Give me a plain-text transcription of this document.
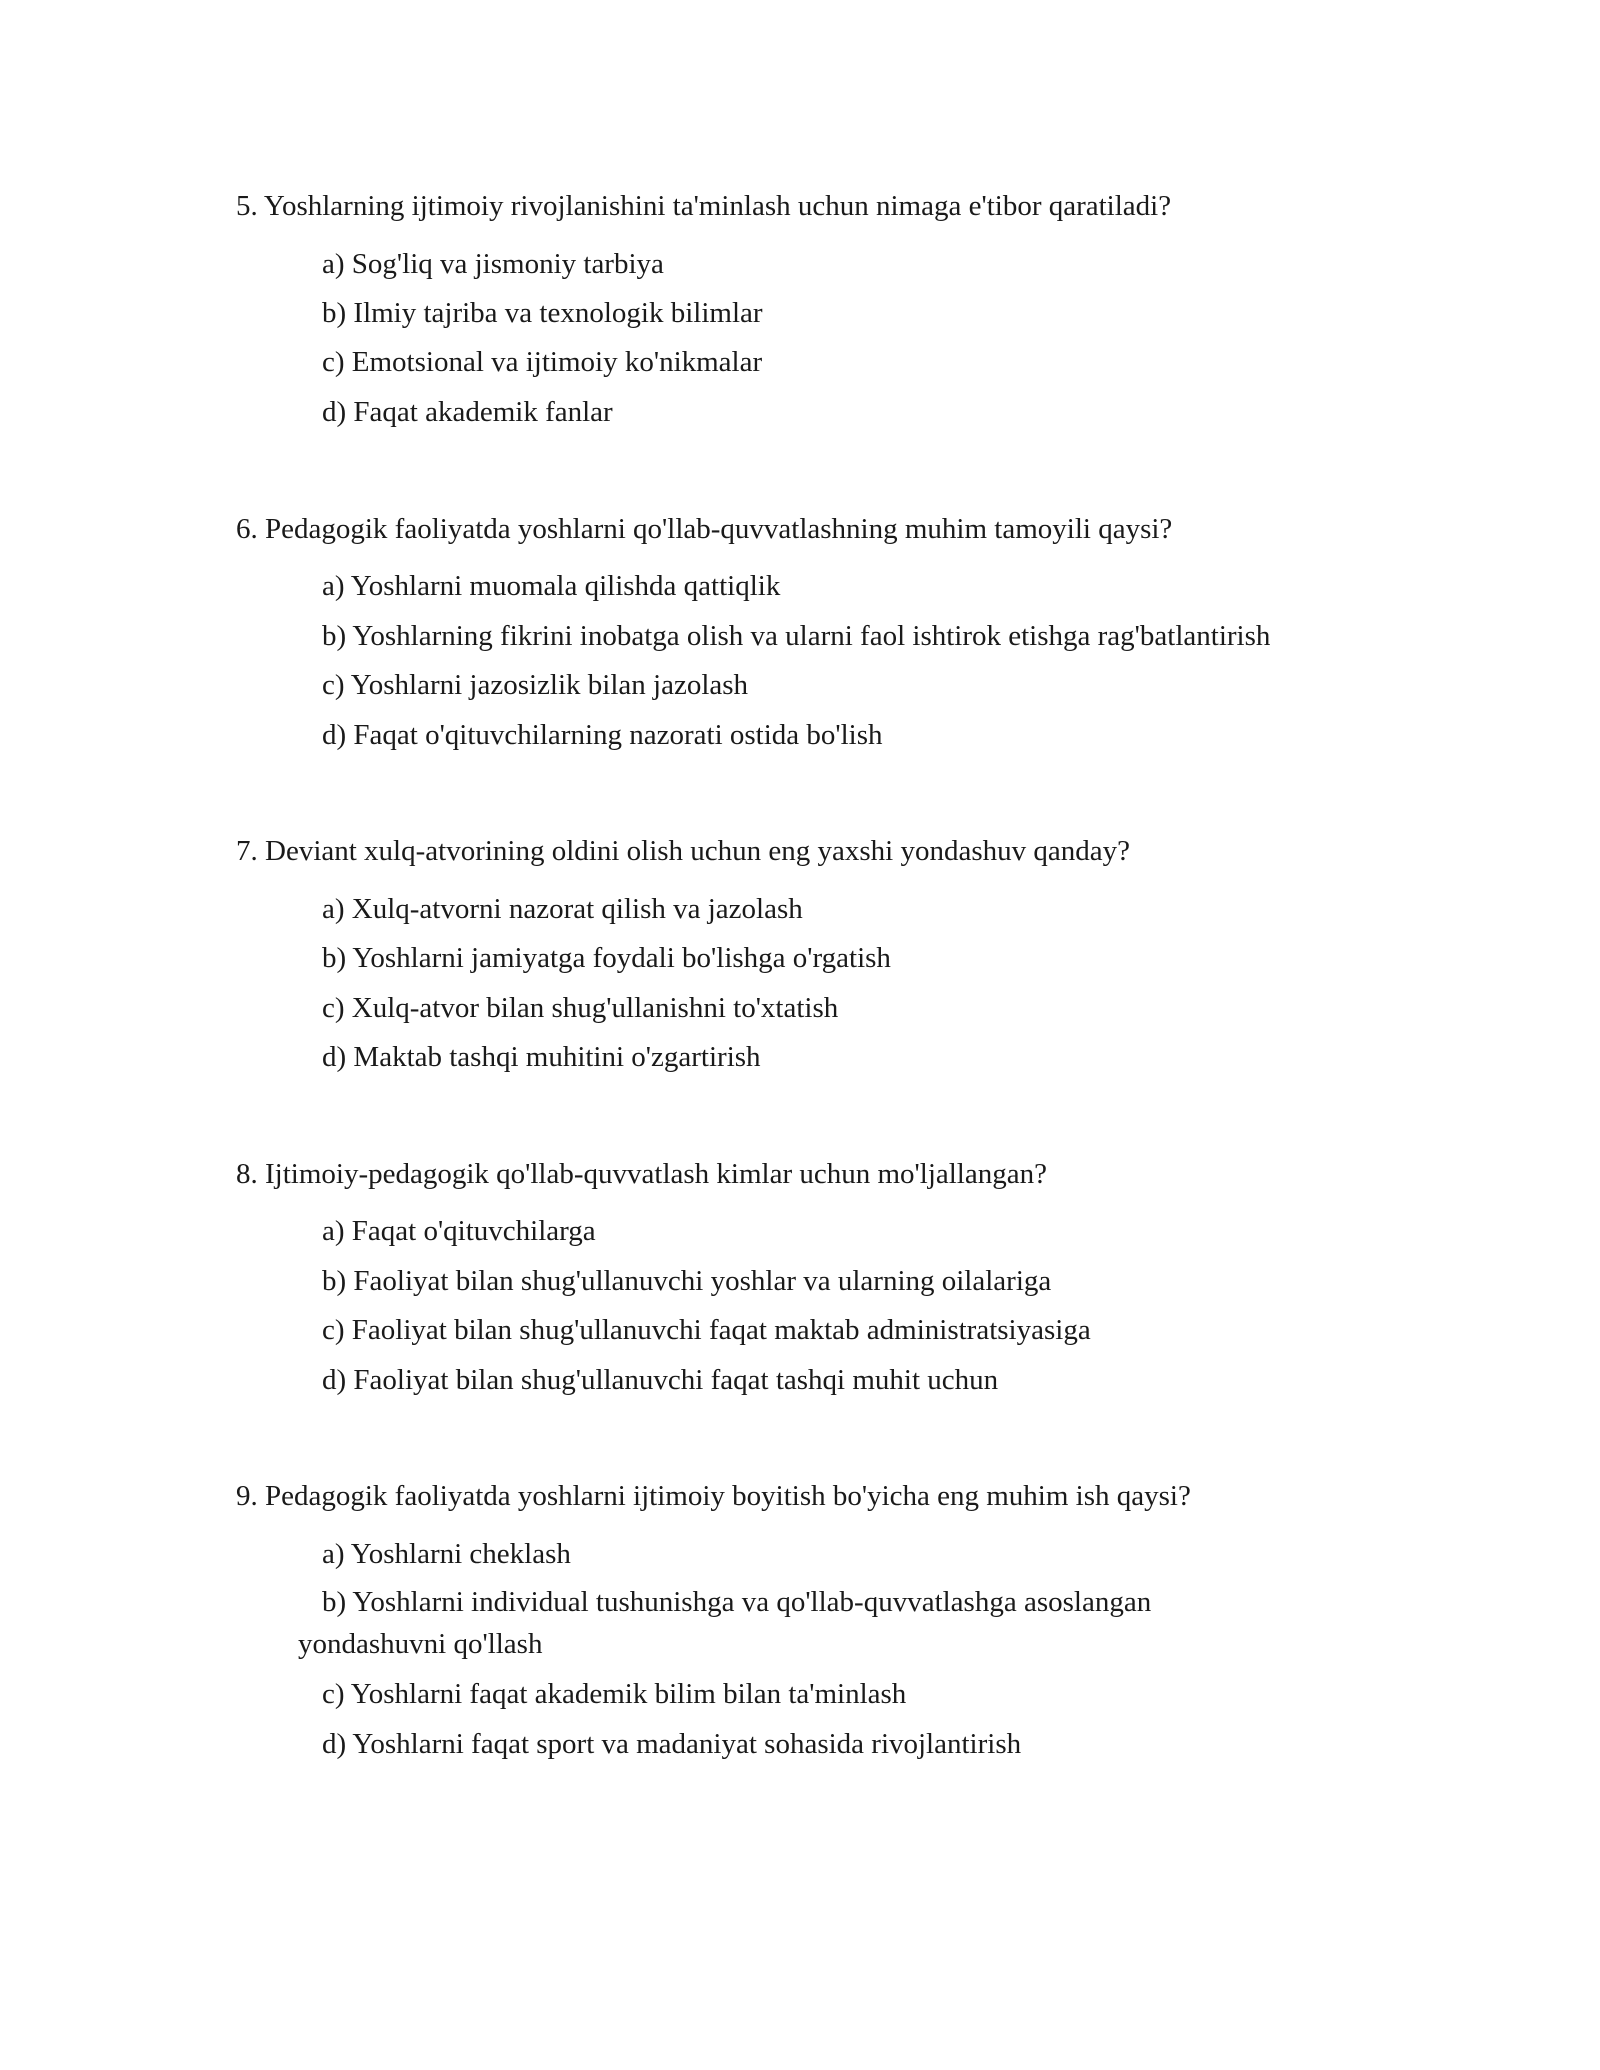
5. Yoshlarning ijtimoiy rivojlanishini ta'minlash uchun nimaga e'tibor qaratiladi?
a) Sog'liq va jismoniy tarbiya
b) Ilmiy tajriba va texnologik bilimlar
c) Emotsional va ijtimoiy ko'nikmalar
d) Faqat akademik fanlar
6. Pedagogik faoliyatda yoshlarni qo'llab-quvvatlashning muhim tamoyili qaysi?
a) Yoshlarni muomala qilishda qattiqlik
b) Yoshlarning fikrini inobatga olish va ularni faol ishtirok etishga rag'batlantirish
c) Yoshlarni jazosizlik bilan jazolash
d) Faqat o'qituvchilarning nazorati ostida bo'lish
7. Deviant xulq-atvorining oldini olish uchun eng yaxshi yondashuv qanday?
a) Xulq-atvorni nazorat qilish va jazolash
b) Yoshlarni jamiyatga foydali bo'lishga o'rgatish
c) Xulq-atvor bilan shug'ullanishni to'xtatish
d) Maktab tashqi muhitini o'zgartirish
8. Ijtimoiy-pedagogik qo'llab-quvvatlash kimlar uchun mo'ljallangan?
a) Faqat o'qituvchilarga
b) Faoliyat bilan shug'ullanuvchi yoshlar va ularning oilalariga
c) Faoliyat bilan shug'ullanuvchi faqat maktab administratsiyasiga
d) Faoliyat bilan shug'ullanuvchi faqat tashqi muhit uchun
9. Pedagogik faoliyatda yoshlarni ijtimoiy boyitish bo'yicha eng muhim ish qaysi?
a) Yoshlarni cheklash
b) Yoshlarni individual tushunishga va qo'llab-quvvatlashga asoslangan yondashuvni qo'llash
c) Yoshlarni faqat akademik bilim bilan ta'minlash
d) Yoshlarni faqat sport va madaniyat sohasida rivojlantirish
